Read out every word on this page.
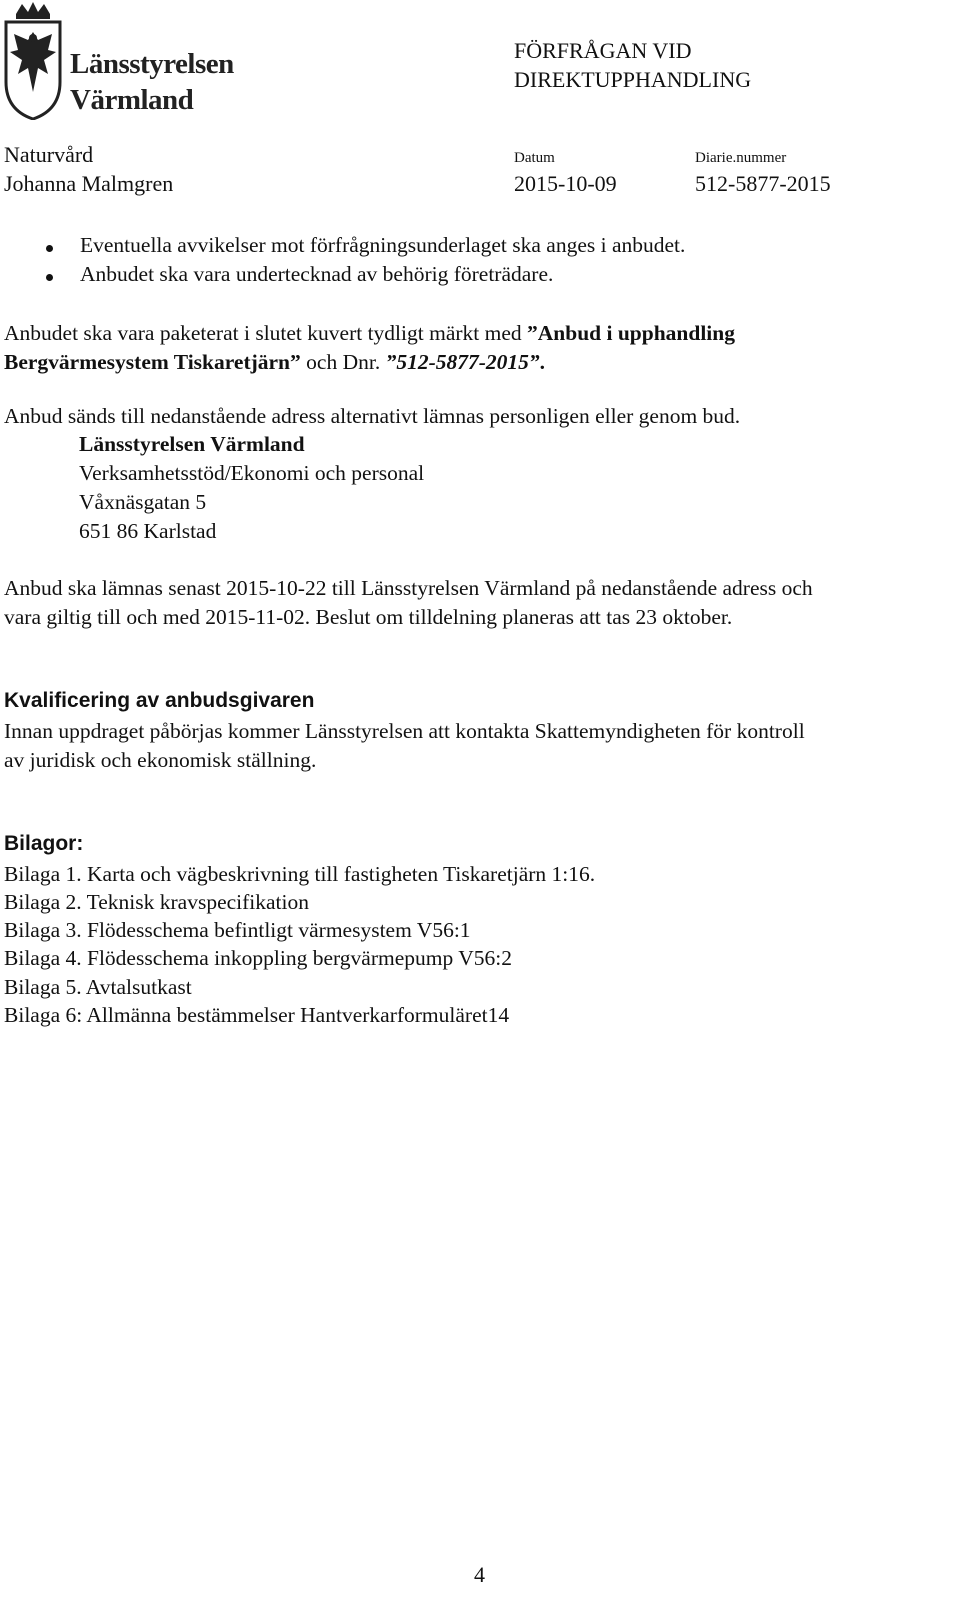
Länsstyrelsen
Värmland
FÖRFRÅGAN VID
DIREKTUPPHANDLING
Naturvård
Johanna Malmgren
Datum
2015-10-09
Diarie.nummer
512-5877-2015
Eventuella avvikelser mot förfrågningsunderlaget ska anges i anbudet.
Anbudet ska vara undertecknad av behörig företrädare.
Anbudet ska vara paketerat i slutet kuvert tydligt märkt med ”Anbud i upphandling
Bergvärmesystem Tiskaretjärn” och Dnr. ”512-5877-2015”.
Anbud sänds till nedanstående adress alternativt lämnas personligen eller genom bud.
Länsstyrelsen Värmland
Verksamhetsstöd/Ekonomi och personal
Våxnäsgatan 5
651 86 Karlstad
Anbud ska lämnas senast 2015-10-22 till Länsstyrelsen Värmland på nedanstående adress och
vara giltig till och med 2015-11-02. Beslut om tilldelning planeras att tas 23 oktober.
Kvalificering av anbudsgivaren
Innan uppdraget påbörjas kommer Länsstyrelsen att kontakta Skattemyndigheten för kontroll
av juridisk och ekonomisk ställning.
Bilagor:
Bilaga 1. Karta och vägbeskrivning till fastigheten Tiskaretjärn 1:16.
Bilaga 2. Teknisk kravspecifikation
Bilaga 3. Flödesschema befintligt värmesystem V56:1
Bilaga 4. Flödesschema inkoppling bergvärmepump V56:2
Bilaga 5. Avtalsutkast
Bilaga 6: Allmänna bestämmelser Hantverkarformuläret14
4
